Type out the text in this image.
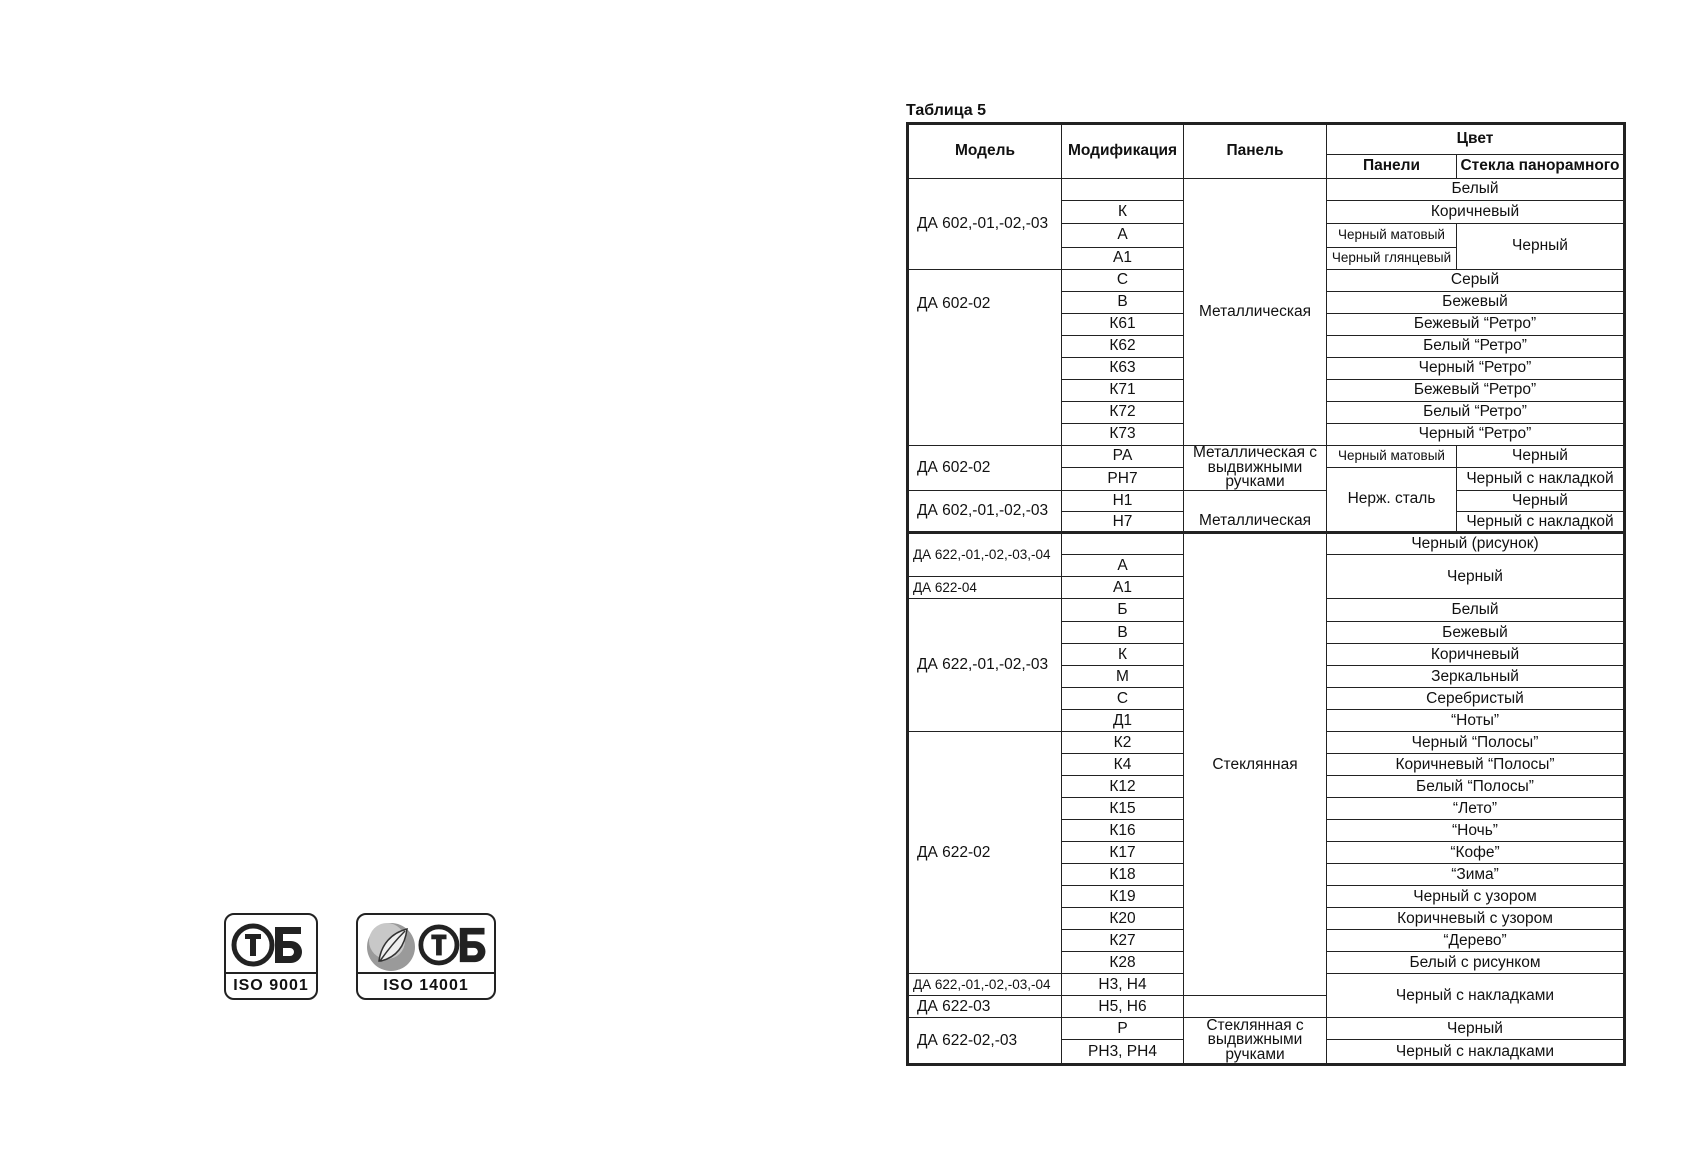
Таблица 5
Модель	Модификация	Панель	Цвет	
			Панели	Стекла панорамного
ДА 602,-01,-02,-03		Металлическая	Белый	
	К		Коричневый	
	А		Черный матовый	Черный
	А1		Черный глянцевый	
ДА 602-02	С		Серый	
	В		Бежевый	
	К61		Бежевый “Ретро”	
	К62		Белый “Ретро”	
	К63		Черный “Ретро”	
	К71		Бежевый “Ретро”	
	К72		Белый “Ретро”	
	К73		Черный “Ретро”	
ДА 602-02	РА	Металлическая с выдвижными ручками	Черный матовый	Черный
	РН7		Нерж. сталь	Черный с накладкой
ДА 602,-01,-02,-03	Н1	Металлическая		Черный
	Н7			Черный с накладкой
ДА 622,-01,-02,-03,-04		Стеклянная	Черный (рисунок)	
	А		Черный	
ДА 622-04	А1			
ДА 622,-01,-02,-03	Б		Белый	
	В		Бежевый	
	К		Коричневый	
	М		Зеркальный	
	С		Серебристый	
	Д1		“Ноты”	
ДА 622-02	К2		Черный “Полосы”	
	К4		Коричневый “Полосы”	
	К12		Белый “Полосы”	
	К15		“Лето”	
	К16		“Ночь”	
	К17		“Кофе”	
	К18		“Зима”	
	К19		Черный с узором	
	К20		Коричневый с узором	
	К27		“Дерево”	
	К28		Белый с рисунком	
ДА 622,-01,-02,-03,-04	Н3, Н4		Черный с накладками	
ДА 622-03	Н5, Н6			
ДА 622-02,-03	Р	Стеклянная с выдвижными ручками	Черный	
	РН3, РН4		Черный с накладками	
ISO 9001	ISO 14001
